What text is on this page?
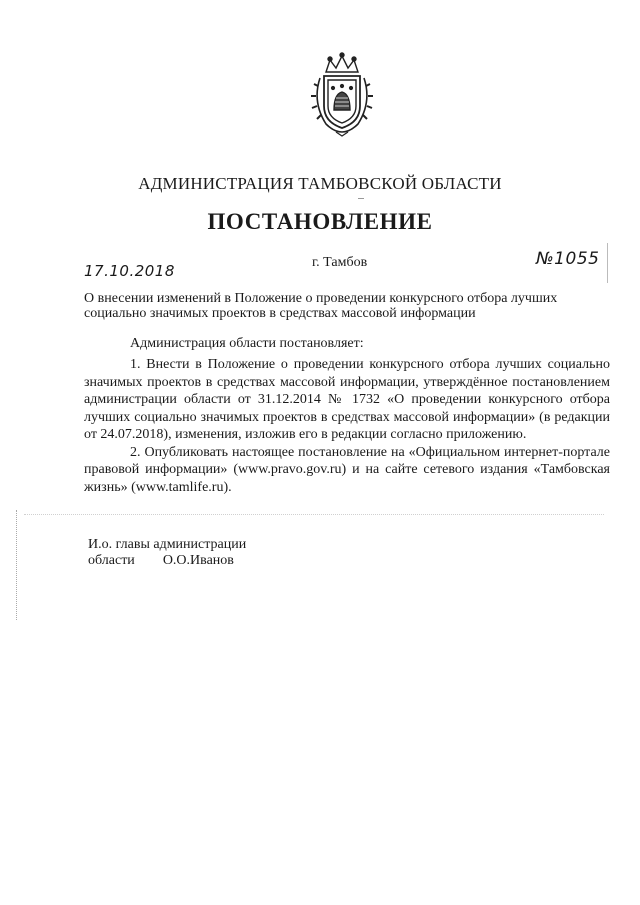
АДМИНИСТРАЦИЯ ТАМБОВСКОЙ ОБЛАСТИ
ПОСТАНОВЛЕНИЕ
17.10.2018	г. Тамбов	№1055
О внесении изменений в Положение о проведении конкурсного отбора лучших социально значимых проектов в средствах массовой информации
Администрация области постановляет:

1. Внести в Положение о проведении конкурсного отбора лучших социально значимых проектов в средствах массовой информации, утверждённое постановлением администрации области от 31.12.2014 № 1732 «О проведении конкурсного отбора лучших социально значимых проектов в средствах массовой информации» (в редакции от 24.07.2018), изменения, изложив его в редакции согласно приложению.

2. Опубликовать настоящее постановление на «Официальном интернет-портале правовой информации» (www.pravo.gov.ru) и на сайте сетевого издания «Тамбовская жизнь» (www.tamlife.ru).

И.о. главы администрации
области О.О.Иванов
